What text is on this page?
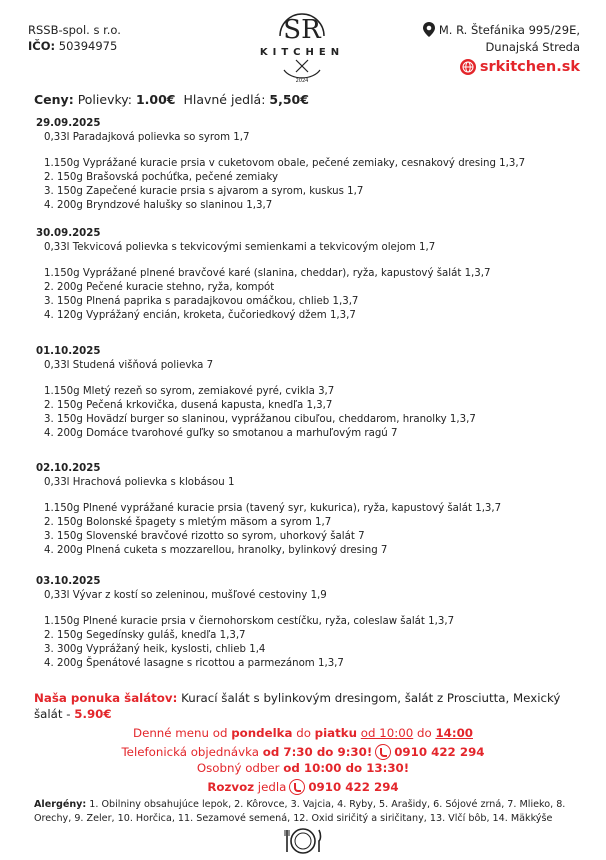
RSSB-spol. s r.o.
IČO: 50394975
SR
KITCHEN
2024
M. R. Štefánika 995/29E,
Dunajská Streda
srkitchen.sk
Ceny: Polievky: 1.00€ Hlavné jedlá: 5,50€
29.09.2025
0,33l Paradajková polievka so syrom 1,7
1.150g Vyprážané kuracie prsia v cuketovom obale, pečené zemiaky, cesnakový dresing 1,3,7
2. 150g Brašovská pochúťka, pečené zemiaky
3. 150g Zapečené kuracie prsia s ajvarom a syrom, kuskus 1,7
4. 200g Bryndzové halušky so slaninou 1,3,7
30.09.2025
0,33l Tekvicová polievka s tekvicovými semienkami a tekvicovým olejom 1,7
1.150g Vyprážané plnené bravčové karé (slanina, cheddar), ryža, kapustový šalát 1,3,7
2. 200g Pečené kuracie stehno, ryža, kompót
3. 150g Plnená paprika s paradajkovou omáčkou, chlieb 1,3,7
4. 120g Vyprážaný encián, kroketa, čučoriedkový džem 1,3,7
01.10.2025
0,33l Studená višňová polievka 7
1.150g Mletý rezeň so syrom, zemiakové pyré, cvikla 3,7
2. 150g Pečená krkovička, dusená kapusta, knedľa 1,3,7
3. 150g Hovädzí burger so slaninou, vyprážanou cibuľou, cheddarom, hranolky 1,3,7
4. 200g Domáce tvarohové guľky so smotanou a marhuľovým ragú 7
02.10.2025
0,33l Hrachová polievka s klobásou 1
1.150g Plnené vyprážané kuracie prsia (tavený syr, kukurica), ryža, kapustový šalát 1,3,7
2. 150g Bolonské špagety s mletým mäsom a syrom 1,7
3. 150g Slovenské bravčové rizotto so syrom, uhorkový šalát 7
4. 200g Plnená cuketa s mozzarellou, hranolky, bylinkový dresing 7
03.10.2025
0,33l Vývar z kostí so zeleninou, mušľové cestoviny 1,9
1.150g Plnené kuracie prsia v čiernohorskom cestíčku, ryža, coleslaw šalát 1,3,7
2. 150g Segedínsky guláš, knedľa 1,3,7
3. 300g Vyprážaný heik, kyslosti, chlieb 1,4
4. 200g Špenátové lasagne s ricottou a parmezánom 1,3,7
Naša ponuka šalátov: Kurací šalát s bylinkovým dresingom, šalát z Prosciutta, Mexický šalát - 5.90€
Denné menu od pondelka do piatku od 10:00 do 14:00
Telefonická objednávka od 7:30 do 9:30! 0910 422 294
Osobný odber od 10:00 do 13:30!
Rozvoz jedla 0910 422 294
Alergény: 1. Obilniny obsahujúce lepok, 2. Kôrovce, 3. Vajcia, 4. Ryby, 5. Arašidy, 6. Sójové zrná, 7. Mlieko, 8. Orechy, 9. Zeler, 10. Horčica, 11. Sezamové semená, 12. Oxid siričitý a siričitany, 13. Vlčí bôb, 14. Mäkkýše
